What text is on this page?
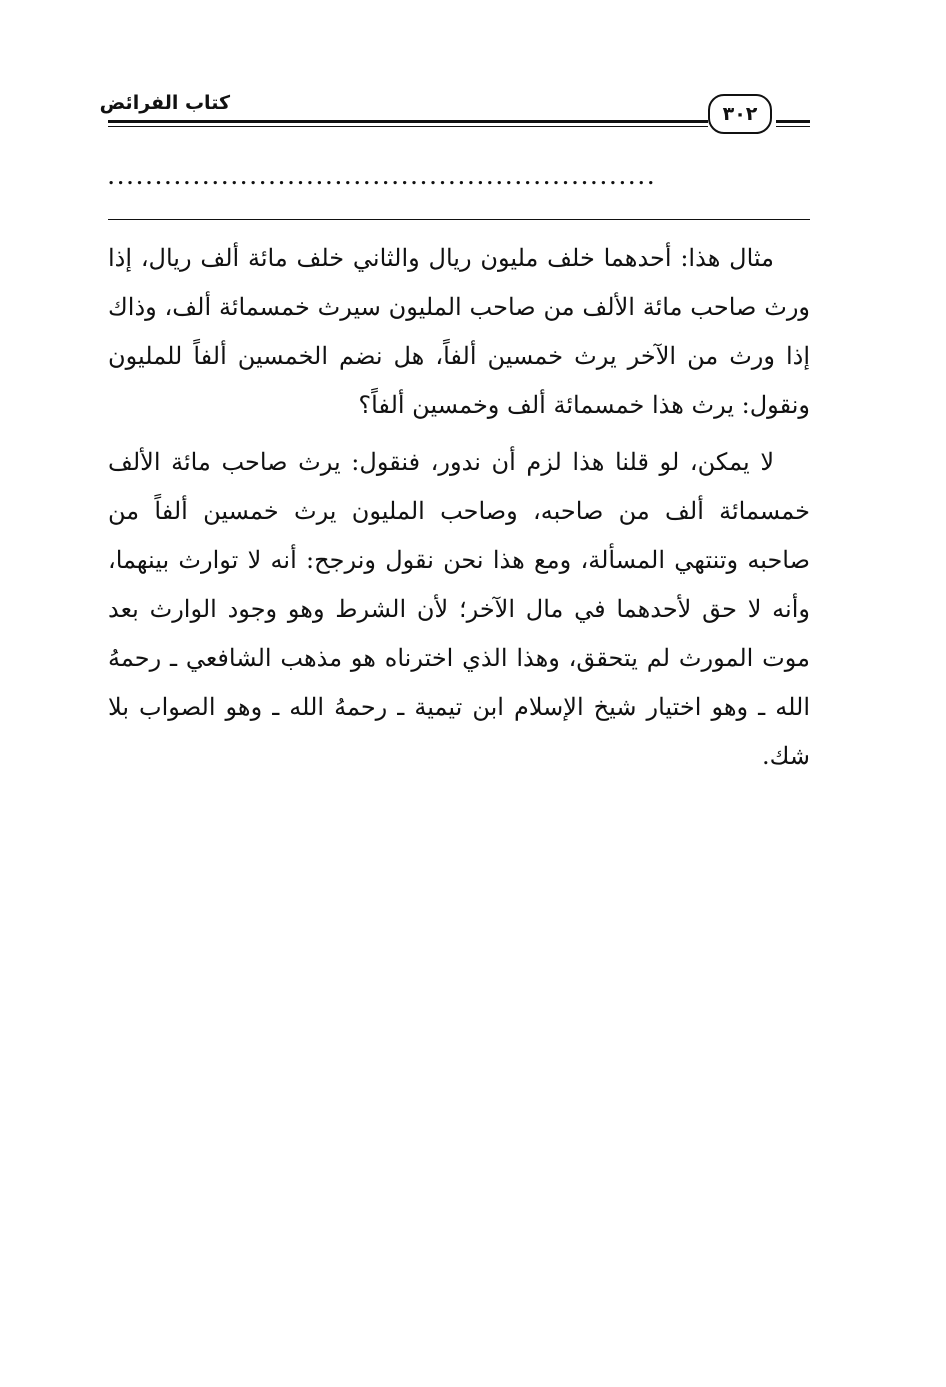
كتاب الفرائض	٣٠٢
..........................................................

مثال هذا: أحدهما خلف مليون ريال والثاني خلف مائة ألف ريال، إذا ورث صاحب مائة الألف من صاحب المليون سيرث خمسمائة ألف، وذاك إذا ورث من الآخر يرث خمسين ألفاً، هل نضم الخمسين ألفاً للمليون ونقول: يرث هذا خمسمائة ألف وخمسين ألفاً؟

لا يمكن، لو قلنا هذا لزم أن ندور، فنقول: يرث صاحب مائة الألف خمسمائة ألف من صاحبه، وصاحب المليون يرث خمسين ألفاً من صاحبه وتنتهي المسألة، ومع هذا نحن نقول ونرجح: أنه لا توارث بينهما، وأنه لا حق لأحدهما في مال الآخر؛ لأن الشرط وهو وجود الوارث بعد موت المورث لم يتحقق، وهذا الذي اخترناه هو مذهب الشافعي ـ رحمهُ الله ـ وهو اختيار شيخ الإسلام ابن تيمية ـ رحمهُ الله ـ وهو الصواب بلا شك.
